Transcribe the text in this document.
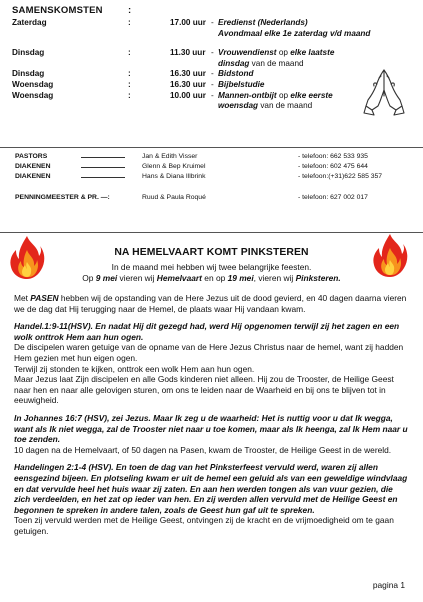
SAMENSKOMSTEN	:
Zaterdag	:	17.00 uur - Eredienst (Nederlands)
Avondmaal elke 1e zaterdag v/d maand
Dinsdag	:	11.30 uur - Vrouwendienst op elke laatste
dinsdag van de maand
Dinsdag	:	16.30 uur - Bidstond
Woensdag	:	16.30 uur - Bijbelstudie
Woensdag	:	10.00 uur - Mannen-ontbijt op elke eerste
woensdag van de maand
PASTORS	Jan & Edith Visser	- telefoon: 662 533 935
DIAKENEN	Glenn & Bep Kruimel	- telefoon: 602 475 644
DIAKENEN	Hans & Diana Illbrink	- telefoon:(+31)622 585 357
PENNINGMEESTER & PR. —:	Ruud & Paula Roqué	- telefoon: 627 002 017
NA HEMELVAART KOMT PINKSTEREN
In de maand mei hebben wij twee belangrijke feesten.
Op 9 mei vieren wij Hemelvaart en op 19 mei, vieren wij Pinksteren.

Met PASEN hebben wij de opstanding van de Here Jezus uit de dood gevierd, en 40 dagen daarna vieren we de dag dat Hij terugging naar de Hemel, de plaats waar Hij vandaan kwam.

Handel.1:9-11(HSV). En nadat Hij dit gezegd had, werd Hij opgenomen terwijl zij het zagen en een wolk onttrok Hem aan hun ogen.

De discipelen waren getuige van de opname van de Here Jezus Christus naar de hemel, want zij hadden Hem gezien met hun eigen ogen.

Terwijl zij stonden te kijken, onttrok een wolk Hem aan hun ogen.

Maar Jezus laat Zijn discipelen en alle Gods kinderen niet alleen. Hij zou de Trooster, de Heilige Geest naar hen en naar alle gelovigen sturen, om ons te leiden naar de Waarheid en bij ons te blijven tot in eeuwigheid.

In Johannes 16:7 (HSV), zei Jezus. Maar Ik zeg u de waarheid: Het is nuttig voor u dat Ik wegga, want als Ik niet wegga, zal de Trooster niet naar u toe komen, maar als Ik heenga, zal Ik Hem naar u toe zenden.

10 dagen na de Hemelvaart, of 50 dagen na Pasen, kwam de Trooster, de Heilige Geest in de wereld.

Handelingen 2:1-4 (HSV). En toen de dag van het Pinksterfeest vervuld werd, waren zij allen eensgezind bijeen. En plotseling kwam er uit de hemel een geluid als van een geweldige windvlaag en dat vervulde heel het huis waar zij zaten. En aan hen werden tongen als van vuur gezien, die zich verdeelden, en het zat op ieder van hen. En zij werden allen vervuld met de Heilige Geest en begonnen te spreken in andere talen, zoals de Geest hun gaf uit te spreken.

Toen zij vervuld werden met de Heilige Geest, ontvingen zij de kracht en de vrijmoedigheid om te gaan getuigen.

pagina 1
